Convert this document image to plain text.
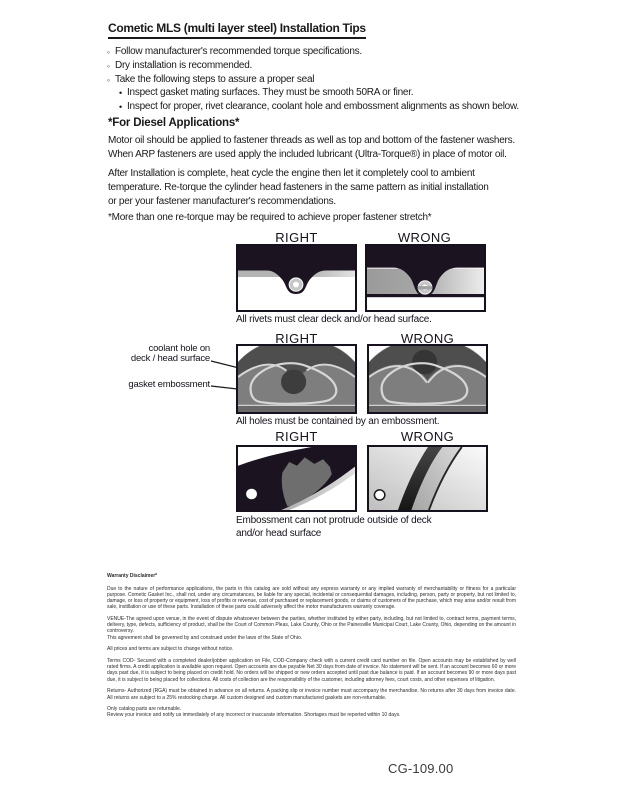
Cometic MLS (multi layer steel) Installation Tips
◦ Follow manufacturer's recommended torque specifications.
◦ Dry installation is recommended.
◦ Take the following steps to assure a proper seal
• Inspect gasket mating surfaces. They must be smooth 50RA or finer.
• Inspect for proper, rivet clearance, coolant hole and embossment alignments as shown below.
*For Diesel Applications*
Motor oil should be applied to fastener threads as well as top and bottom of the fastener washers.
When ARP fasteners are used apply the included lubricant (Ultra-Torque®) in place of motor oil.
After Installation is complete, heat cycle the engine then let it completely cool to ambient
temperature. Re-torque the cylinder head fasteners in the same pattern as initial installation
or per your fastener manufacturer's recommendations.
*More than one re-torque may be required to achieve proper fastener stretch*
RIGHT	WRONG
All rivets must clear deck and/or head surface.
RIGHT	WRONG
coolant hole on
deck / head surface
gasket embossment
All holes must be contained by an embossment.
RIGHT	WRONG
Embossment can not protrude outside of deck and/or head surface

Warranty Disclaimer*

Due to the nature of performance applications, the parts in this catalog are sold without any express warranty or any implied warranty of merchantability or fitness for a particular purpose. Cometic Gasket Inc., shall not, under any circumstances, be liable for any special, incidental or consequential damages, including, person, party or property, but not limited to, damage, or loss of property or equipment, loss of profits or revenue, cost of purchased or replacement goods, or claims of customers of the purchase, which may arise and/or result from sale, instillation or use of these parts. Installation of these parts could adversely affect the motor manufacturers warranty coverage.

VENUE-The agreed upon venue, in the event of dispute whatsoever between the parties, whether instituted by either party, including, but not limited to, contract terms, payment terms, delivery, type, defects, sufficiency of product, shall be the Court of Common Pleas, Lake County, Ohio or the Painesville Municipal Court, Lake County, Ohio, depending on the amount in controversy.

This agreement shall be governed by and construed under the laws of the State of Ohio.

All prices and terms are subject to change without notice.

Terms COD- Secured with a completed dealer/jobber application on File, COD-Company check with a current credit card number on file. Open accounts may be established by well rated firms. A credit application is available upon request. Open accounts are due payable Net 30 days from date of invoice. No statement will be sent. If an account becomes 60 or more days past due, it is subject to being placed on credit hold. No orders will be shipped or new orders accepted until past due balance is paid. If an account becomes 90 or more days past due, it is subject to being placed for collections. All costs of collection are the responsibility of the customer, including attorney fees, court costs, and other expenses of litigation.

Returns- Authorized (RGA) must be obtained in advance on all returns. A packing slip or invoice number must accompany the merchandise. No returns after 30 days from invoice date. All returns are subject to a 25% restocking charge. All custom designed and custom manufactured gaskets are non-returnable.

Only catalog parts are returnable.

Review your invoice and notify us immediately of any incorrect or inaccurate information. Shortages must be reported within 10 days.

CG-109.00
